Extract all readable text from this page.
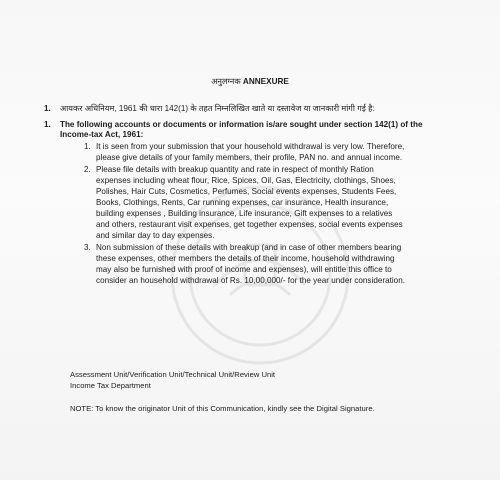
अनुलग्नक ANNEXURE
1. आयकर अधिनियम, 1961 की धारा 142(1) के तहत निम्नलिखित खाते या दस्तावेज या जानकारी मांगी गई है:
1. The following accounts or documents or information is/are sought under section 142(1) of the
Income-tax Act, 1961:
1. It is seen from your submission that your household withdrawal is very low. Therefore,
please give details of your family members, their profile, PAN no. and annual income.
2. Please file details with breakup quantity and rate in respect of monthly Ration
expenses including wheat flour, Rice, Spices, Oil, Gas, Electricity, clothings, Shoes,
Polishes, Hair Cuts, Cosmetics, Perfumes, Social events expenses, Students Fees,
Books, Clothings, Rents, Car running expenses, car insurance, Health insurance,
building expenses , Building insurance, Life insurance, Gift expenses to a relatives
and others, restaurant visit expenses, get together expenses, social events expenses
and similar day to day expenses.
3. Non submission of these details with breakup (and in case of other members bearing
these expenses, other members the details of their income, household withdrawing
may also be furnished with proof of income and expenses), will entitle this office to
consider an household withdrawal of Rs. 10,00,000/- for the year under consideration.
Assessment Unit/Verification Unit/Technical Unit/Review Unit
Income Tax Department
NOTE: To know the originator Unit of this Communication, kindly see the Digital Signature.
